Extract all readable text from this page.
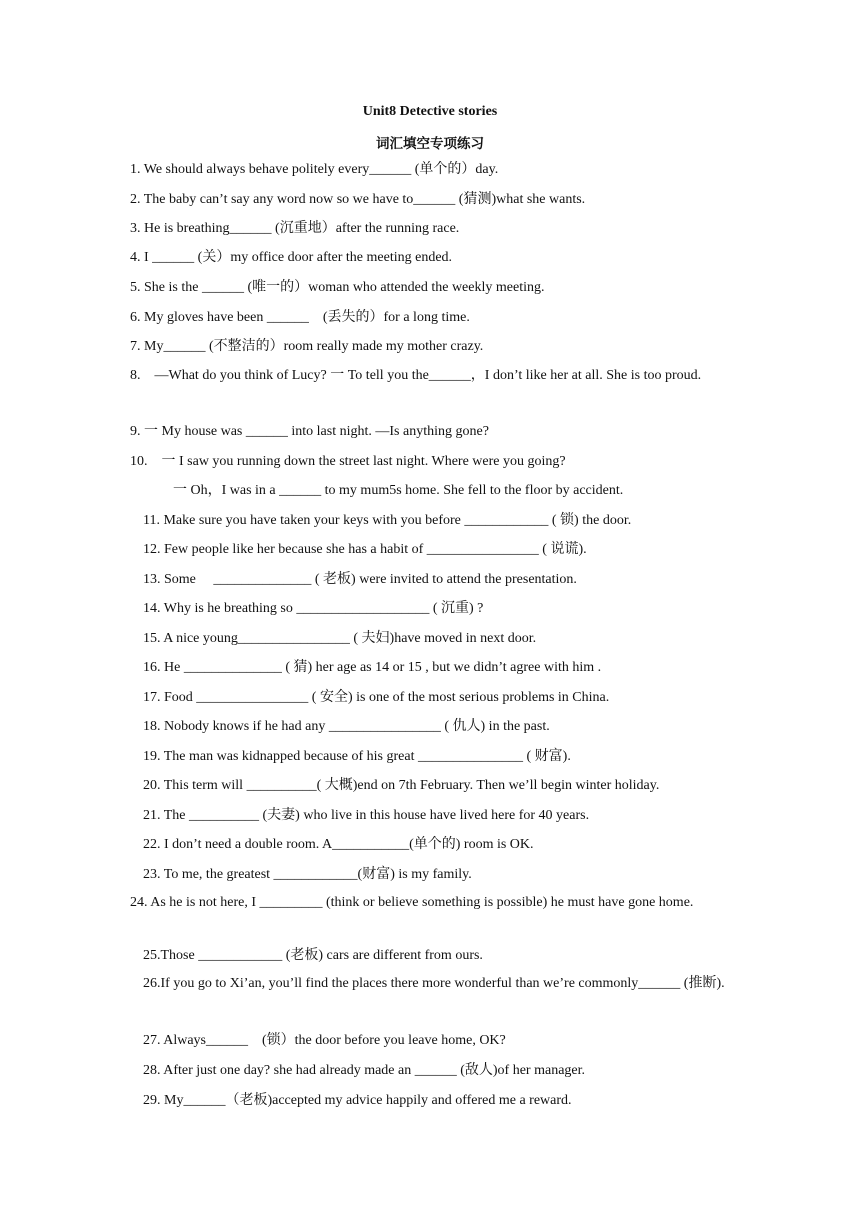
Unit8 Detective stories
词汇填空专项练习
1. We should always behave politely every______ (单个的）day.
2. The baby can’t say any word now so we have to______ (猜测)what she wants.
3. He is breathing______ (沉重地）after the running race.
4. I ______ (关）my office door after the meeting ended.
5. She is the ______ (唯一的）woman who attended the weekly meeting.
6. My gloves have been ______　(丢失的）for a long time.
7. My______ (不整洁的）room really made my mother crazy.
8.　—What do you think of Lucy? 一 To tell you the______，I don’t like her at all. She is too proud.
9. 一 My house was ______ into last night. —Is anything gone?
10.　一 I saw you running down the street last night. Where were you going?
一 Oh，I was in a ______ to my mum5s home. She fell to the floor by accident.
11. Make sure you have taken your keys with you before ____________ ( 锁) the door.
12. Few people like her because she has a habit of ________________ ( 说谎).
13. Some　 ______________ ( 老板) were invited to attend the presentation.
14. Why is he breathing so ___________________ ( 沉重) ?
15. A nice young________________ ( 夫妇)have moved in next door.
16. He ______________ ( 猜) her age as 14 or 15 , but we didn’t agree with him .
17. Food ________________ ( 安全) is one of the most serious problems in China.
18. Nobody knows if he had any ________________ ( 仇人) in the past.
19. The man was kidnapped because of his great _______________ ( 财富).
20. This term will __________( 大概)end on 7th February. Then we’ll begin winter holiday.
21. The __________ (夫妻) who live in this house have lived here for 40 years.
22. I don’t need a double room. A___________(单个的) room is OK.
23. To me, the greatest ____________(财富) is my family.
24. As he is not here, I _________ (think or believe something is possible) he must have gone home.
25.Those ____________ (老板) cars are different from ours.
26.If you go to Xi’an, you’ll find the places there more wonderful than we’re commonly______ (推断).
27. Always______　(锁）the door before you leave home, OK?
28. After just one day? she had already made an ______ (敌人)of her manager.
29. My______（老板)accepted my advice happily and offered me a reward.
